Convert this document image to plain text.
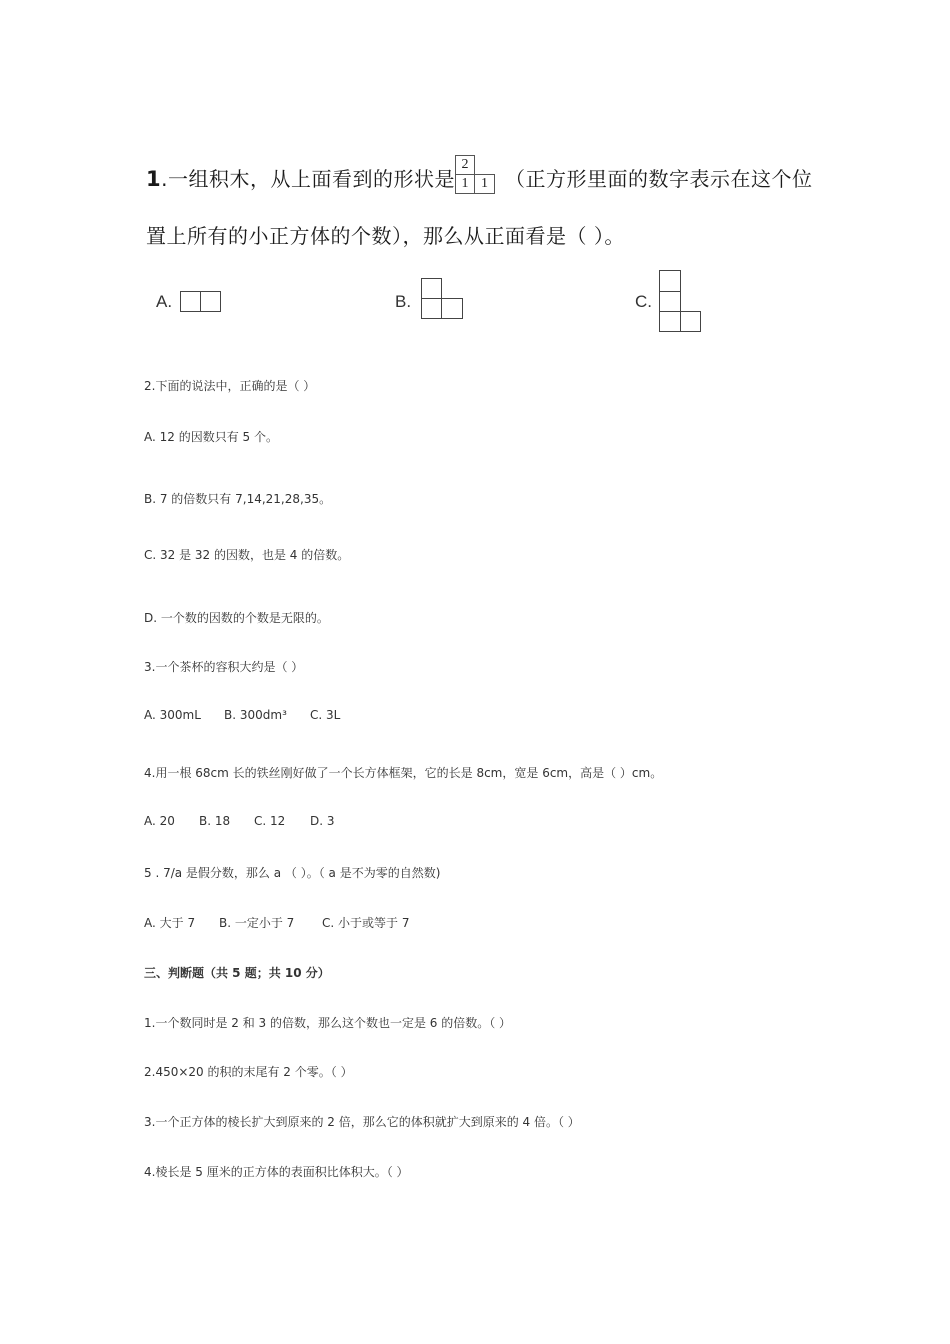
1.一组积木，从上面看到的形状是
2
1 1 （正方形里面的数字表示在这个位
置上所有的小正方体的个数），那么从正面看是（ ）。
A.	B.	C.
2.下面的说法中，正确的是（ ）
A. 12 的因数只有 5 个。
B. 7 的倍数只有 7,14,21,28,35。
C. 32 是 32 的因数，也是 4 的倍数。
D. 一个数的因数的个数是无限的。
3.一个茶杯的容积大约是（ ）
A. 300mL B. 300dm³ C. 3L
4.用一根 68cm 长的铁丝刚好做了一个长方体框架，它的长是 8cm，宽是 6cm，高是（ ）cm。
A. 20 B. 18 C. 12 D. 3
5 . 7/a 是假分数，那么 a （ ）。（ a 是不为零的自然数)
A. 大于 7 B. 一定小于 7 C. 小于或等于 7
三、判断题（共 5 题；共 10 分）
1.一个数同时是 2 和 3 的倍数，那么这个数也一定是 6 的倍数。（ ）
2.450×20 的积的末尾有 2 个零。（ ）
3.一个正方体的棱长扩大到原来的 2 倍，那么它的体积就扩大到原来的 4 倍。（ ）
4.棱长是 5 厘米的正方体的表面积比体积大。（ ）
